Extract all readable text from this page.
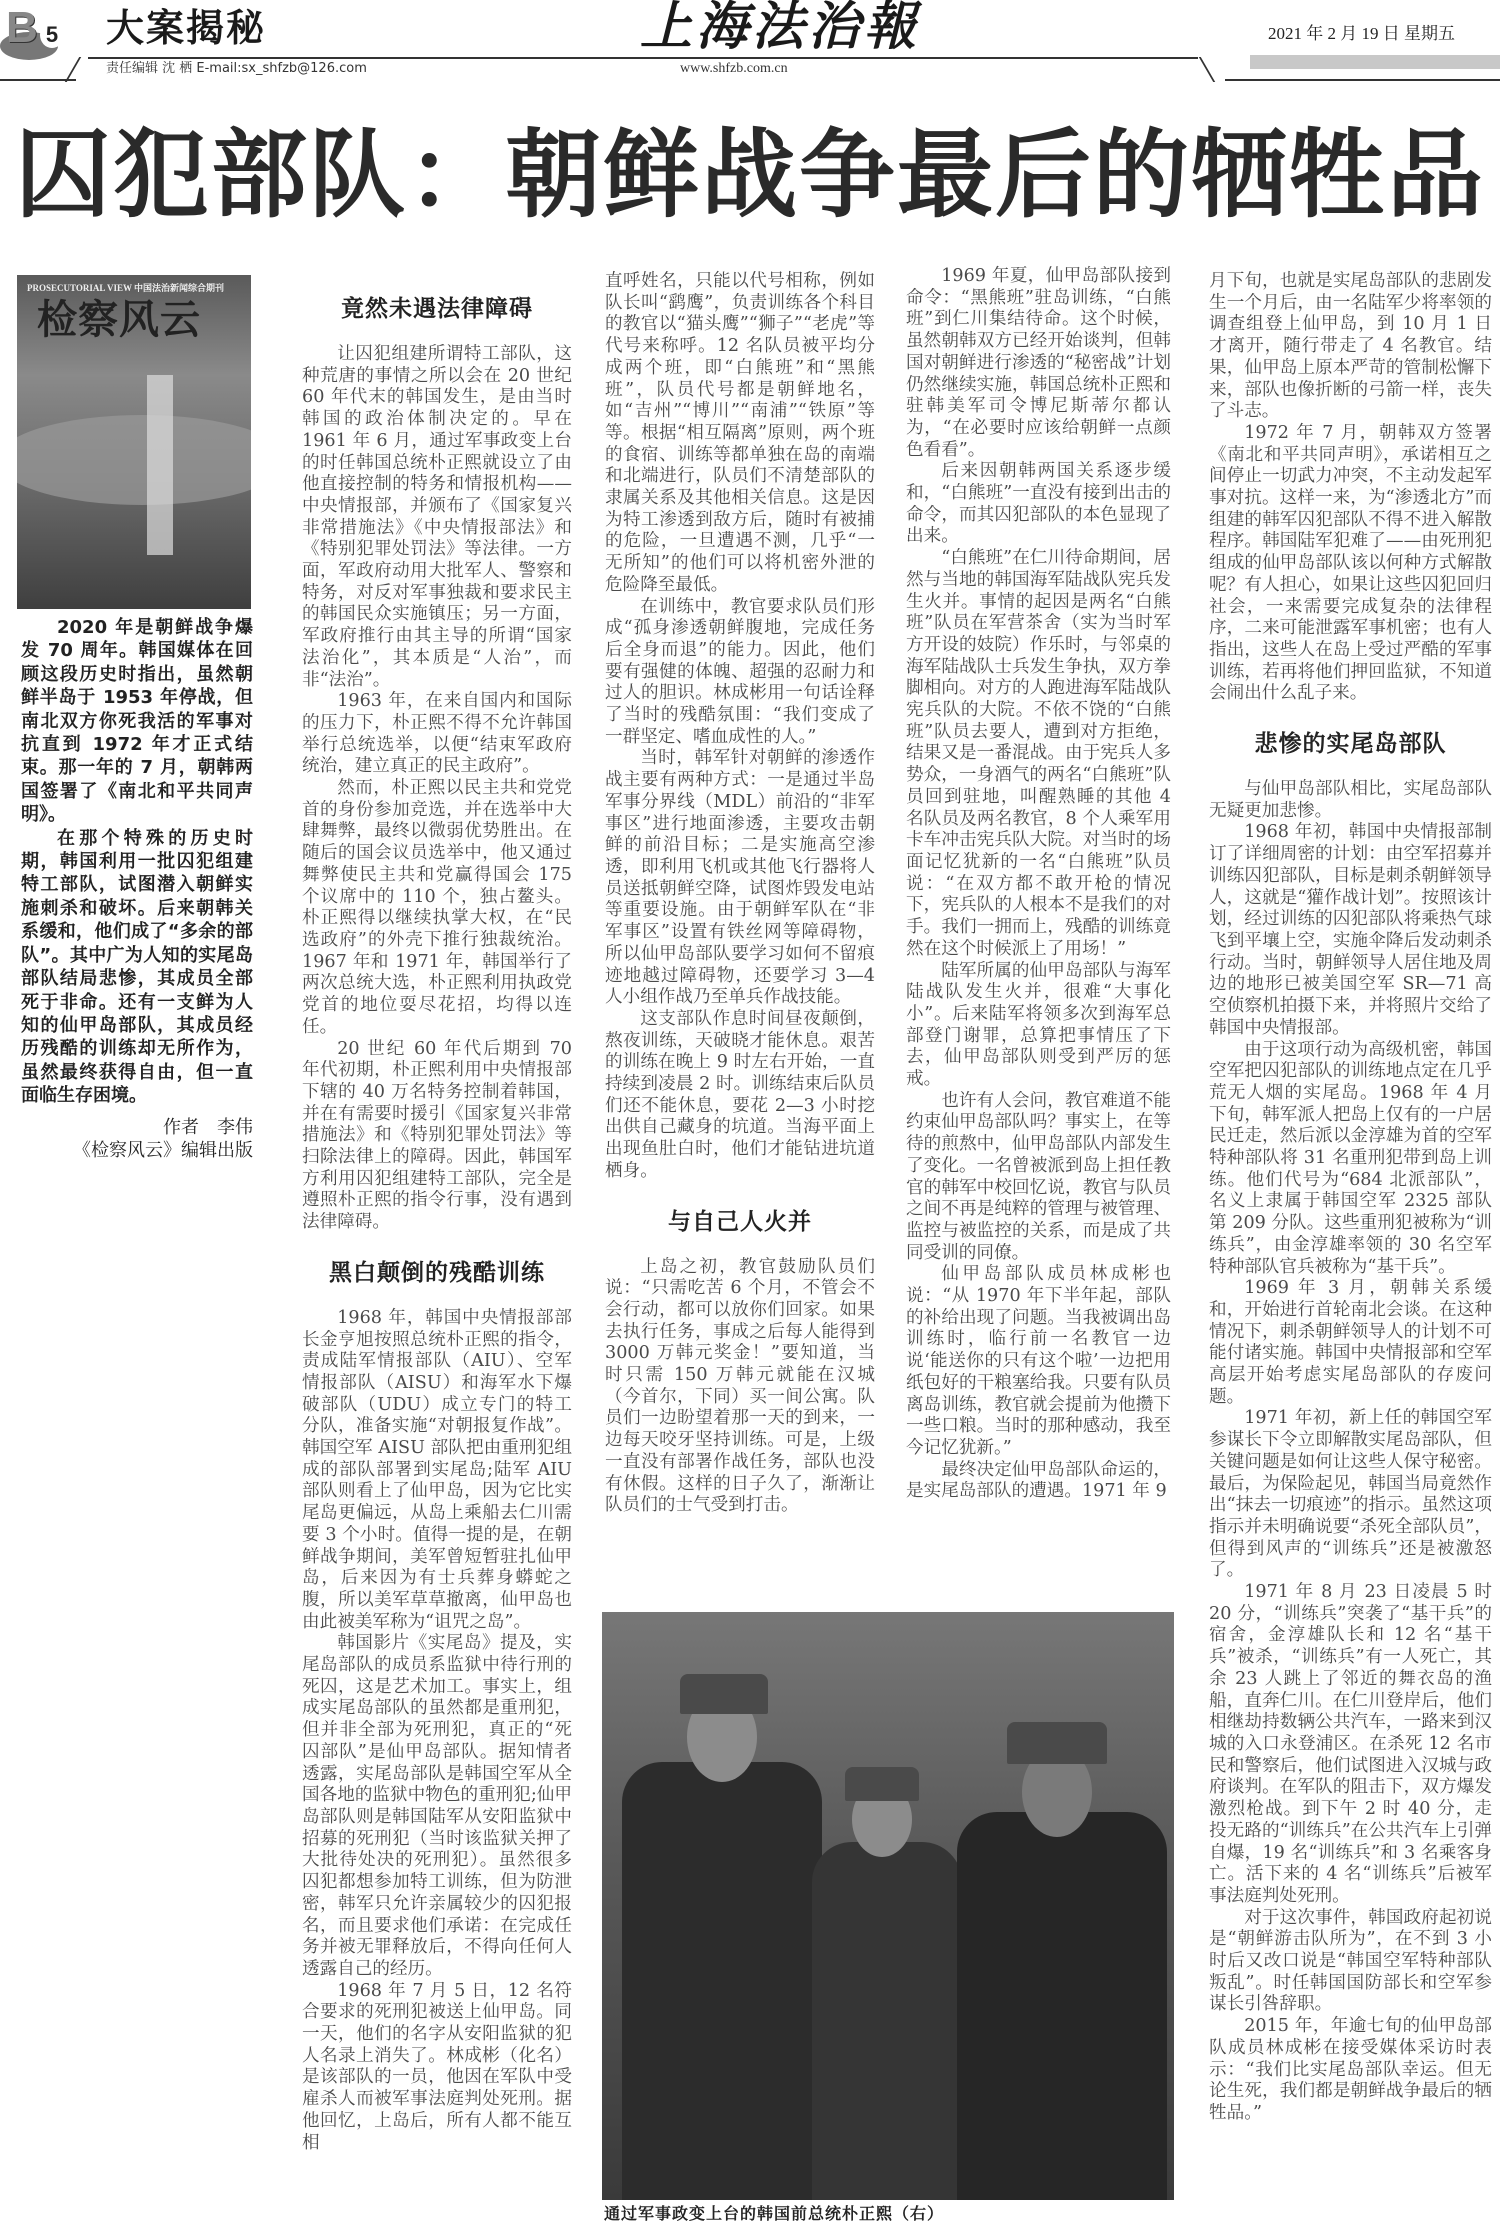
B 5 大案揭秘	上海法治報	2021 年 2 月 19 日 星期五
责任编辑 沈 栖 E-mail:sx_shfzb@126.com	www.shfzb.com.cn
囚犯部队：朝鲜战争最后的牺牲品
PROSECUTORIAL VIEW 中国法治新闻综合期刊
检察风云

2020 年是朝鲜战争爆发 70 周年。韩国媒体在回顾这段历史时指出，虽然朝鲜半岛于 1953 年停战，但南北双方你死我活的军事对抗直到 1972 年才正式结束。那一年的 7 月，朝韩两国签署了《南北和平共同声明》。

在那个特殊的历史时期，韩国利用一批囚犯组建特工部队，试图潜入朝鲜实施刺杀和破坏。后来朝韩关系缓和，他们成了“多余的部队”。其中广为人知的实尾岛部队结局悲惨，其成员全部死于非命。还有一支鲜为人知的仙甲岛部队，其成员经历残酷的训练却无所作为，虽然最终获得自由，但一直面临生存困境。

作者　李伟

《检察风云》编辑出版

竟然未遇法律障碍

让囚犯组建所谓特工部队，这种荒唐的事情之所以会在 20 世纪 60 年代末的韩国发生，是由当时韩国的政治体制决定的。早在 1961 年 6 月，通过军事政变上台的时任韩国总统朴正熙就设立了由他直接控制的特务和情报机构——中央情报部，并颁布了《国家复兴非常措施法》《中央情报部法》和《特别犯罪处罚法》等法律。一方面，军政府动用大批军人、警察和特务，对反对军事独裁和要求民主的韩国民众实施镇压；另一方面，军政府推行由其主导的所谓“国家法治化”，其本质是“人治”，而非“法治”。

1963 年，在来自国内和国际的压力下，朴正熙不得不允许韩国举行总统选举，以便“结束军政府统治，建立真正的民主政府”。

然而，朴正熙以民主共和党党首的身份参加竞选，并在选举中大肆舞弊，最终以微弱优势胜出。在随后的国会议员选举中，他又通过舞弊使民主共和党赢得国会 175 个议席中的 110 个，独占鳌头。朴正熙得以继续执掌大权，在“民选政府”的外壳下推行独裁统治。1967 年和 1971 年，韩国举行了两次总统大选，朴正熙利用执政党党首的地位耍尽花招，均得以连任。

20 世纪 60 年代后期到 70 年代初期，朴正熙利用中央情报部下辖的 40 万名特务控制着韩国，并在有需要时援引《国家复兴非常措施法》和《特别犯罪处罚法》等扫除法律上的障碍。因此，韩国军方利用囚犯组建特工部队，完全是遵照朴正熙的指令行事，没有遇到法律障碍。

黑白颠倒的残酷训练

1968 年，韩国中央情报部部长金亨旭按照总统朴正熙的指令，责成陆军情报部队（AIU）、空军情报部队（AISU）和海军水下爆破部队（UDU）成立专门的特工分队，准备实施“对朝报复作战”。韩国空军 AISU 部队把由重刑犯组成的部队部署到实尾岛;陆军 AIU 部队则看上了仙甲岛，因为它比实尾岛更偏远，从岛上乘船去仁川需要 3 个小时。值得一提的是，在朝鲜战争期间，美军曾短暂驻扎仙甲岛，后来因为有士兵葬身蟒蛇之腹，所以美军草草撤离，仙甲岛也由此被美军称为“诅咒之岛”。

韩国影片《实尾岛》提及，实尾岛部队的成员系监狱中待行刑的死囚，这是艺术加工。事实上，组成实尾岛部队的虽然都是重刑犯，但并非全部为死刑犯，真正的“死囚部队”是仙甲岛部队。据知情者透露，实尾岛部队是韩国空军从全国各地的监狱中物色的重刑犯;仙甲岛部队则是韩国陆军从安阳监狱中招募的死刑犯（当时该监狱关押了大批待处决的死刑犯）。虽然很多囚犯都想参加特工训练，但为防泄密，韩军只允许亲属较少的囚犯报名，而且要求他们承诺：在完成任务并被无罪释放后，不得向任何人透露自己的经历。

1968 年 7 月 5 日，12 名符合要求的死刑犯被送上仙甲岛。同一天，他们的名字从安阳监狱的犯人名录上消失了。林成彬（化名）是该部队的一员，他因在军队中受雇杀人而被军事法庭判处死刑。据他回忆，上岛后，所有人都不能互相

直呼姓名，只能以代号相称，例如队长叫“鹞鹰”，负责训练各个科目的教官以“猫头鹰”“狮子”“老虎”等代号来称呼。12 名队员被平均分成两个班，即“白熊班”和“黑熊班”，队员代号都是朝鲜地名，如“吉州”“博川”“南浦”“铁原”等等。根据“相互隔离”原则，两个班的食宿、训练等都单独在岛的南端和北端进行，队员们不清楚部队的隶属关系及其他相关信息。这是因为特工渗透到敌方后，随时有被捕的危险，一旦遭遇不测，几乎“一无所知”的他们可以将机密外泄的危险降至最低。

在训练中，教官要求队员们形成“孤身渗透朝鲜腹地，完成任务后全身而退”的能力。因此，他们要有强健的体魄、超强的忍耐力和过人的胆识。林成彬用一句话诠释了当时的残酷氛围：“我们变成了一群坚定、嗜血成性的人。”

当时，韩军针对朝鲜的渗透作战主要有两种方式：一是通过半岛军事分界线（MDL）前沿的“非军事区”进行地面渗透，主要攻击朝鲜的前沿目标；二是实施高空渗透，即利用飞机或其他飞行器将人员送抵朝鲜空降，试图炸毁发电站等重要设施。由于朝鲜军队在“非军事区”设置有铁丝网等障碍物，所以仙甲岛部队要学习如何不留痕迹地越过障碍物，还要学习 3—4 人小组作战乃至单兵作战技能。

这支部队作息时间昼夜颠倒，熬夜训练，天破晓才能休息。艰苦的训练在晚上 9 时左右开始，一直持续到凌晨 2 时。训练结束后队员们还不能休息，要花 2—3 小时挖出供自己藏身的坑道。当海平面上出现鱼肚白时，他们才能钻进坑道栖身。

与自己人火并

上岛之初，教官鼓励队员们说：“只需吃苦 6 个月，不管会不会行动，都可以放你们回家。如果去执行任务，事成之后每人能得到 3000 万韩元奖金！”要知道，当时只需 150 万韩元就能在汉城（今首尔，下同）买一间公寓。队员们一边盼望着那一天的到来，一边每天咬牙坚持训练。可是，上级一直没有部署作战任务，部队也没有休假。这样的日子久了，渐渐让队员们的士气受到打击。

1969 年夏，仙甲岛部队接到命令：“黑熊班”驻岛训练，“白熊班”到仁川集结待命。这个时候，虽然朝韩双方已经开始谈判，但韩国对朝鲜进行渗透的“秘密战”计划仍然继续实施，韩国总统朴正熙和驻韩美军司令博尼斯蒂尔都认为，“在必要时应该给朝鲜一点颜色看看”。

后来因朝韩两国关系逐步缓和，“白熊班”一直没有接到出击的命令，而其囚犯部队的本色显现了出来。

“白熊班”在仁川待命期间，居然与当地的韩国海军陆战队宪兵发生火并。事情的起因是两名“白熊班”队员在军营茶舍（实为当时军方开设的妓院）作乐时，与邻桌的海军陆战队士兵发生争执，双方拳脚相向。对方的人跑进海军陆战队宪兵队的大院。不依不饶的“白熊班”队员去要人，遭到对方拒绝，结果又是一番混战。由于宪兵人多势众，一身酒气的两名“白熊班”队员回到驻地，叫醒熟睡的其他 4 名队员及两名教官，8 个人乘军用卡车冲击宪兵队大院。对当时的场面记忆犹新的一名“白熊班”队员说：“在双方都不敢开枪的情况下，宪兵队的人根本不是我们的对手。我们一拥而上，残酷的训练竟然在这个时候派上了用场！”

陆军所属的仙甲岛部队与海军陆战队发生火并，很难“大事化小”。后来陆军将领多次到海军总部登门谢罪，总算把事情压了下去，仙甲岛部队则受到严厉的惩戒。

也许有人会问，教官难道不能约束仙甲岛部队吗？事实上，在等待的煎熬中，仙甲岛部队内部发生了变化。一名曾被派到岛上担任教官的韩军中校回忆说，教官与队员之间不再是纯粹的管理与被管理、监控与被监控的关系，而是成了共同受训的同僚。

仙甲岛部队成员林成彬也说：“从 1970 年下半年起，部队的补给出现了问题。当我被调出岛训练时，临行前一名教官一边说‘能送你的只有这个啦’一边把用纸包好的干粮塞给我。只要有队员离岛训练，教官就会提前为他攒下一些口粮。当时的那种感动，我至今记忆犹新。”

最终决定仙甲岛部队命运的，是实尾岛部队的遭遇。1971 年 9

月下旬，也就是实尾岛部队的悲剧发生一个月后，由一名陆军少将率领的调查组登上仙甲岛，到 10 月 1 日才离开，随行带走了 4 名教官。结果，仙甲岛上原本严苛的管制松懈下来，部队也像折断的弓箭一样，丧失了斗志。

1972 年 7 月，朝韩双方签署《南北和平共同声明》，承诺相互之间停止一切武力冲突，不主动发起军事对抗。这样一来，为“渗透北方”而组建的韩军囚犯部队不得不进入解散程序。韩国陆军犯难了——由死刑犯组成的仙甲岛部队该以何种方式解散呢？有人担心，如果让这些囚犯回归社会，一来需要完成复杂的法律程序，二来可能泄露军事机密；也有人指出，这些人在岛上受过严酷的军事训练，若再将他们押回监狱，不知道会闹出什么乱子来。

悲惨的实尾岛部队

与仙甲岛部队相比，实尾岛部队无疑更加悲惨。

1968 年初，韩国中央情报部制订了详细周密的计划：由空军招募并训练囚犯部队，目标是刺杀朝鲜领导人，这就是“獾作战计划”。按照该计划，经过训练的囚犯部队将乘热气球飞到平壤上空，实施伞降后发动刺杀行动。当时，朝鲜领导人居住地及周边的地形已被美国空军 SR—71 高空侦察机拍摄下来，并将照片交给了韩国中央情报部。

由于这项行动为高级机密，韩国空军把囚犯部队的训练地点定在几乎荒无人烟的实尾岛。1968 年 4 月下旬，韩军派人把岛上仅有的一户居民迁走，然后派以金淳雄为首的空军特种部队将 31 名重刑犯带到岛上训练。他们代号为“684 北派部队”，名义上隶属于韩国空军 2325 部队第 209 分队。这些重刑犯被称为“训练兵”，由金淳雄率领的 30 名空军特种部队官兵被称为“基干兵”。

1969 年 3 月，朝韩关系缓和，开始进行首轮南北会谈。在这种情况下，刺杀朝鲜领导人的计划不可能付诸实施。韩国中央情报部和空军高层开始考虑实尾岛部队的存废问题。

1971 年初，新上任的韩国空军参谋长下令立即解散实尾岛部队，但关键问题是如何让这些人保守秘密。最后，为保险起见，韩国当局竟然作出“抹去一切痕迹”的指示。虽然这项指示并未明确说要“杀死全部队员”，但得到风声的“训练兵”还是被激怒了。

1971 年 8 月 23 日凌晨 5 时 20 分，“训练兵”突袭了“基干兵”的宿舍，金淳雄队长和 12 名“基干兵”被杀，“训练兵”有一人死亡，其余 23 人跳上了邻近的舞衣岛的渔船，直奔仁川。在仁川登岸后，他们相继劫持数辆公共汽车，一路来到汉城的入口永登浦区。在杀死 12 名市民和警察后，他们试图进入汉城与政府谈判。在军队的阻击下，双方爆发激烈枪战。到下午 2 时 40 分，走投无路的“训练兵”在公共汽车上引弹自爆，19 名“训练兵”和 3 名乘客身亡。活下来的 4 名“训练兵”后被军事法庭判处死刑。

对于这次事件，韩国政府起初说是“朝鲜游击队所为”，在不到 3 小时后又改口说是“韩国空军特种部队叛乱”。时任韩国国防部长和空军参谋长引咎辞职。

2015 年，年逾七旬的仙甲岛部队成员林成彬在接受媒体采访时表示：“我们比实尾岛部队幸运。但无论生死，我们都是朝鲜战争最后的牺牲品。”

通过军事政变上台的韩国前总统朴正熙（右）
